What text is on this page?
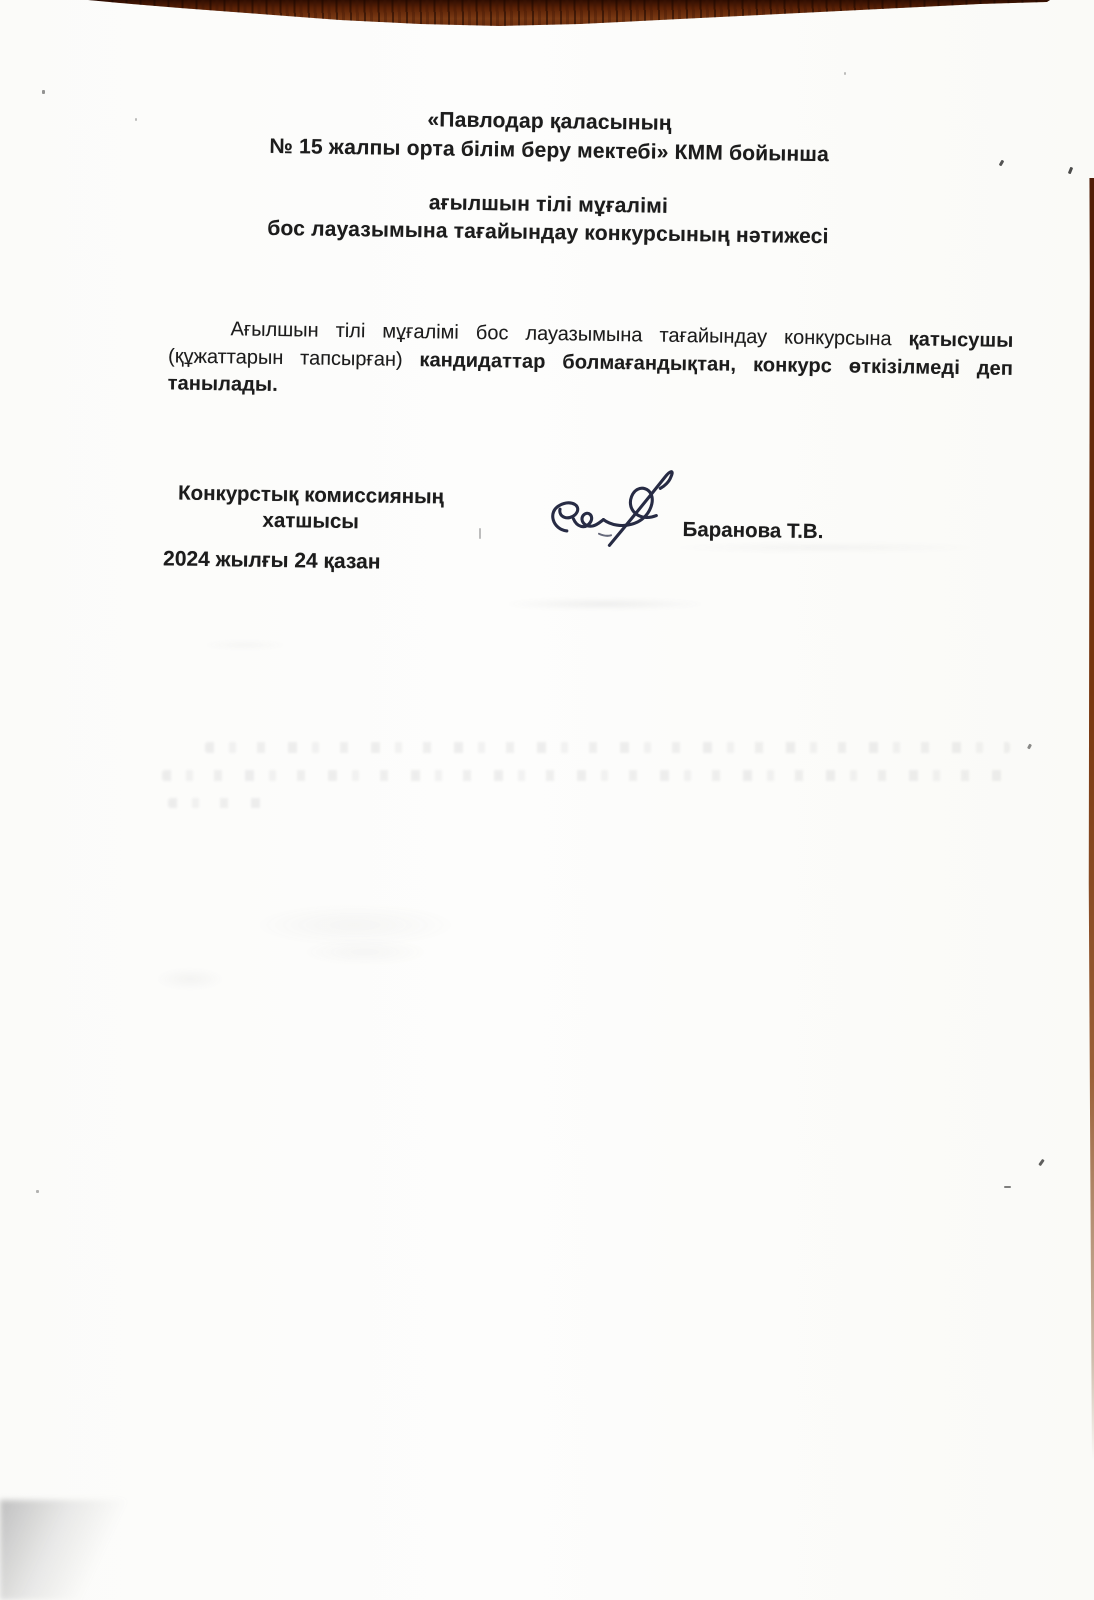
«Павлодар қаласының
№ 15 жалпы орта білім беру мектебі» КММ бойынша
ағылшын тілі мұғалімі
бос лауазымына тағайындау конкурсының нәтижесі
Ағылшын тілі мұғалімі бос лауазымына тағайындау конкурсына қатысушы
(құжаттарын тапсырған) кандидаттар болмағандықтан, конкурс өткізілмеді деп
танылады.
Конкурстық комиссияның
хатшысы	Баранова Т.В.
2024 жылғы 24 қазан
